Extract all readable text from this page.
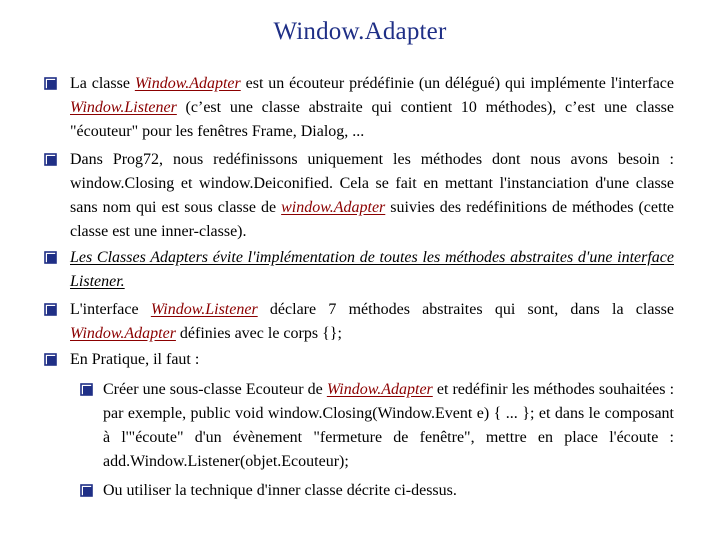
Window.Adapter
La classe Window.Adapter est un écouteur prédéfinie (un délégué) qui implémente l'interface Window.Listener (c’est une classe abstraite qui contient 10 méthodes), c’est une classe "écouteur" pour les fenêtres Frame, Dialog, ...
Dans Prog72, nous redéfinissons uniquement les méthodes dont nous avons besoin : window.Closing et window.Deiconified. Cela se fait en mettant l'instanciation d'une classe sans nom qui est sous classe de window.Adapter suivies des redéfinitions de méthodes (cette classe est une inner-classe).
Les Classes Adapters évite l'implémentation de toutes les méthodes abstraites d'une interface Listener.
L'interface Window.Listener déclare 7 méthodes abstraites qui sont, dans la classe Window.Adapter définies avec le corps {};
En Pratique, il faut :
Créer une sous-classe Ecouteur de Window.Adapter et redéfinir les méthodes souhaitées : par exemple, public void window.Closing(Window.Event e) { ... }; et dans le composant à l'"écoute" d'un évènement "fermeture de fenêtre", mettre en place l'écoute : add.Window.Listener(objet.Ecouteur);
Ou utiliser la technique d'inner classe décrite ci-dessus.
